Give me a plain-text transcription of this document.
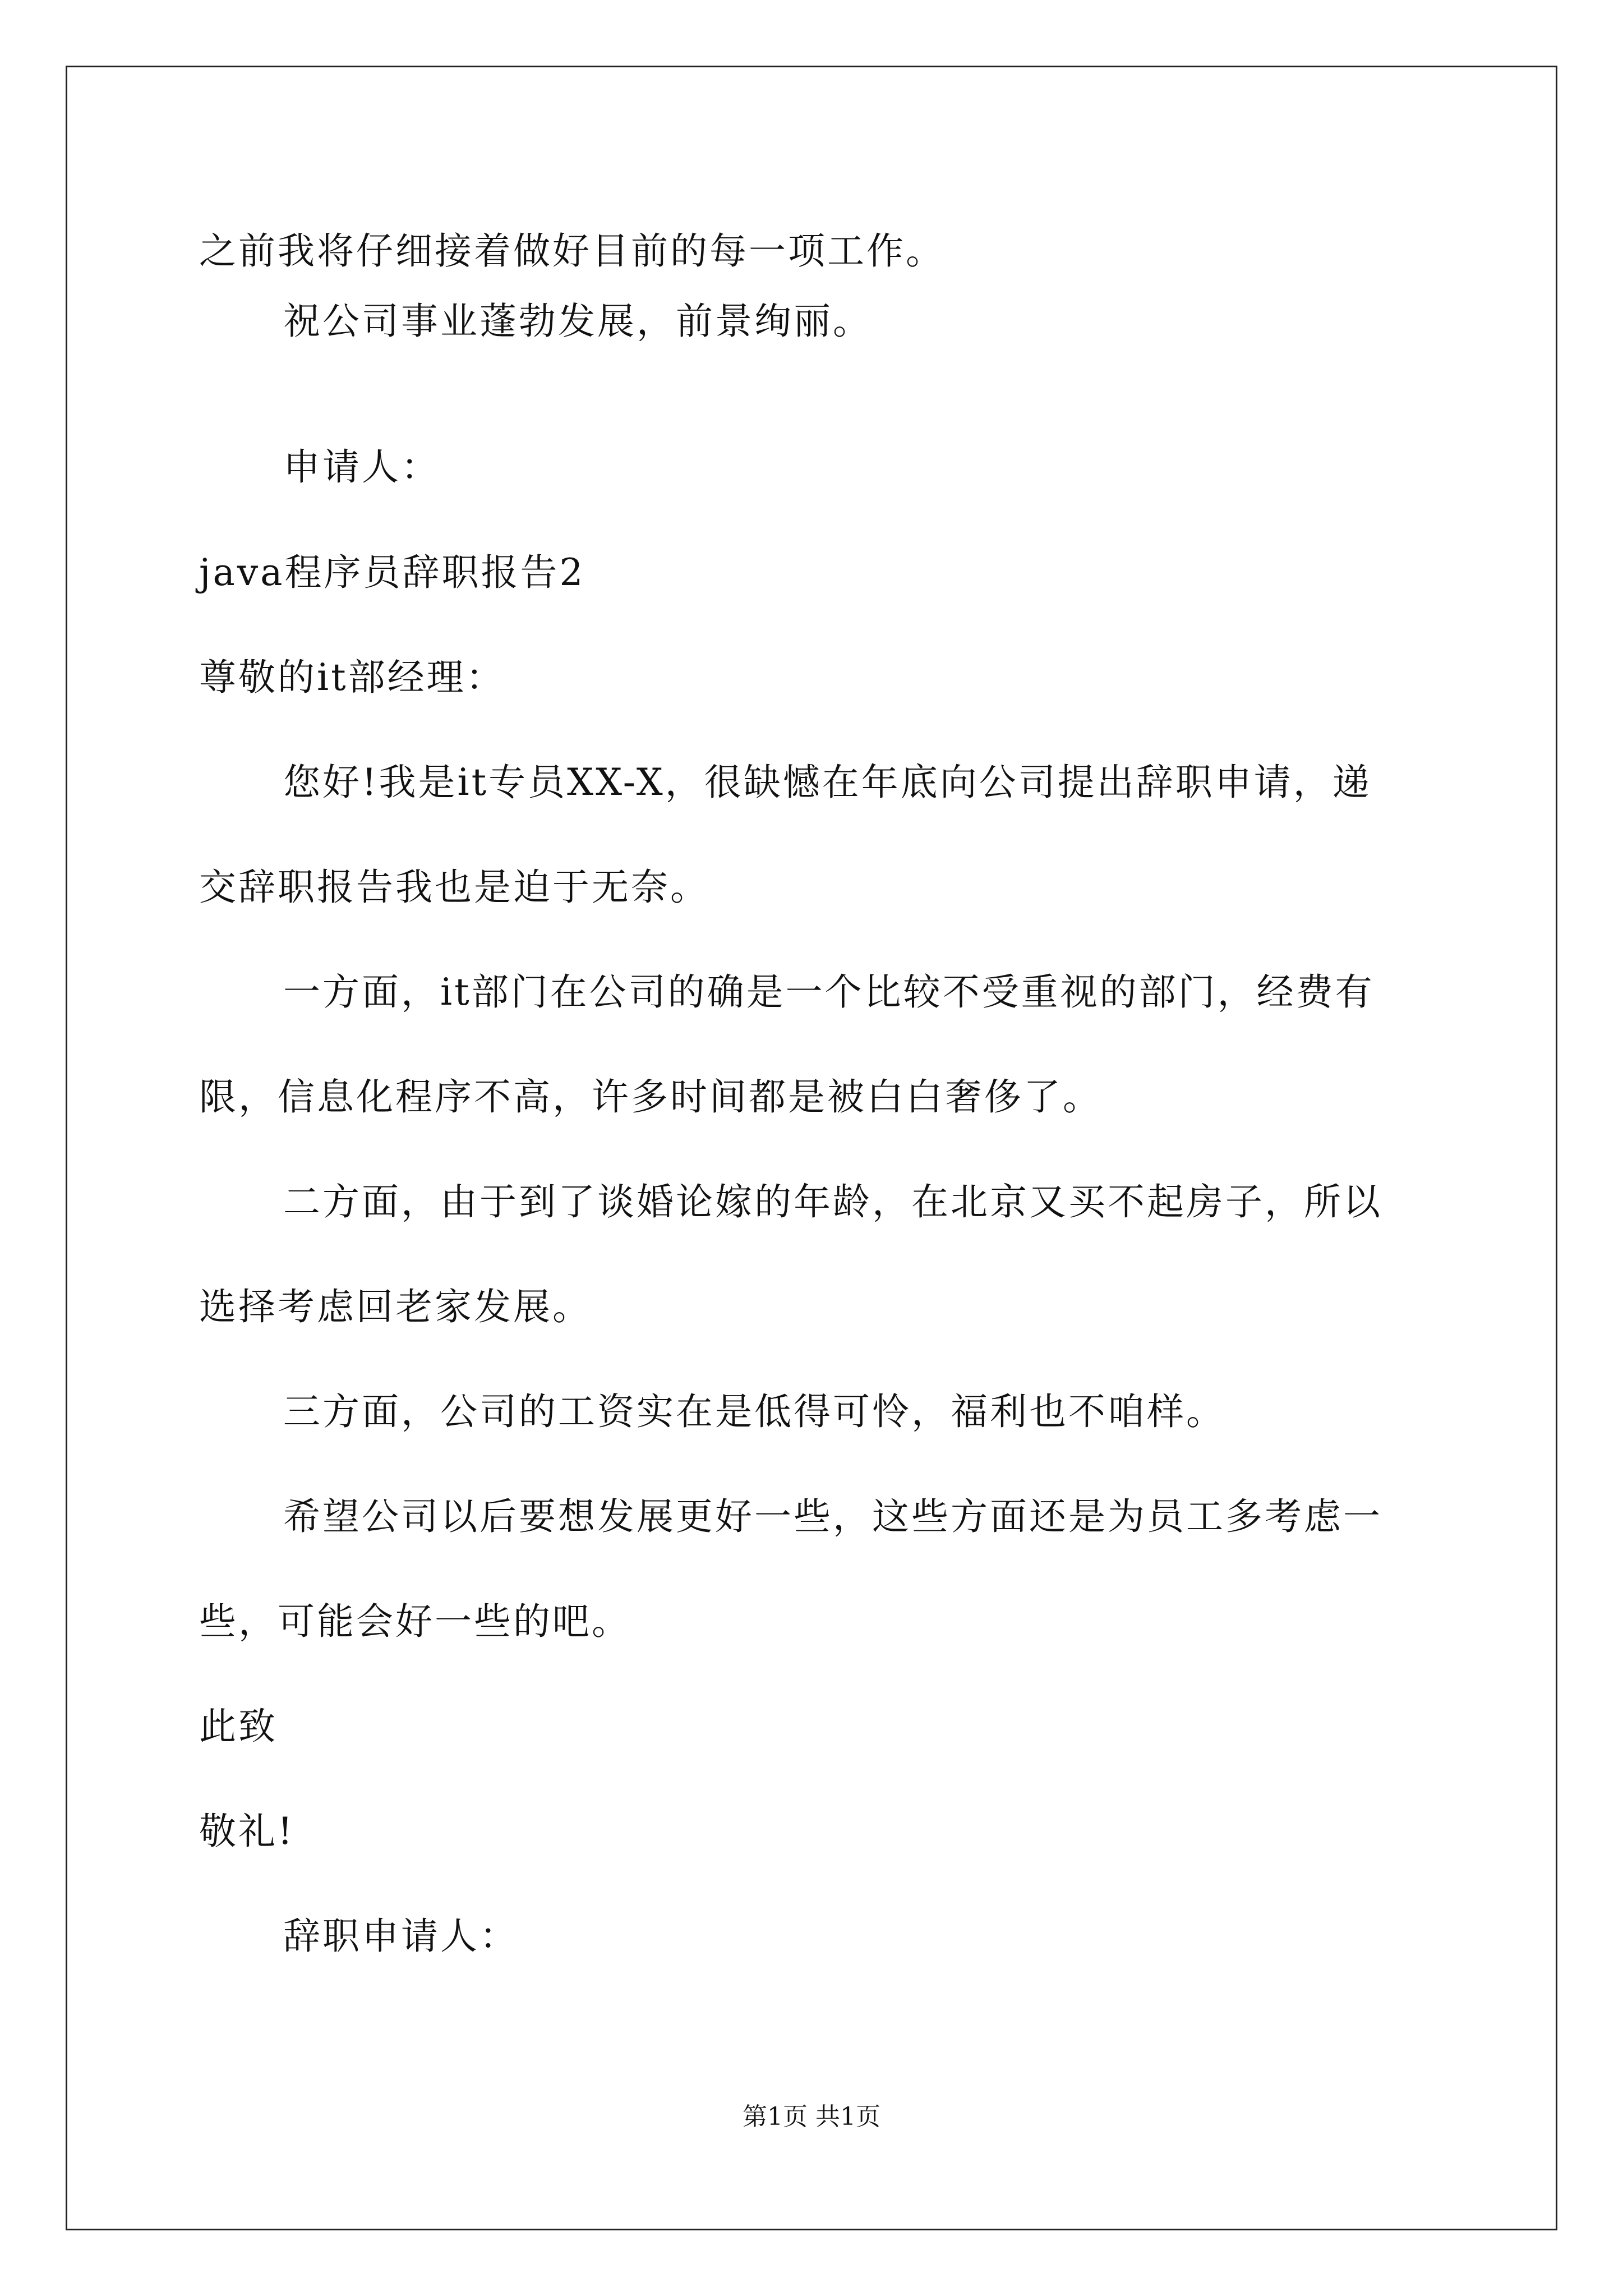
之前我将仔细接着做好目前的每一项工作。
祝公司事业蓬勃发展，前景绚丽。
申请人：
java程序员辞职报告2
尊敬的it部经理：
您好!我是it专员XX-X，很缺憾在年底向公司提出辞职申请，递
交辞职报告我也是迫于无奈。
一方面，it部门在公司的确是一个比较不受重视的部门，经费有
限，信息化程序不高，许多时间都是被白白奢侈了。
二方面，由于到了谈婚论嫁的年龄，在北京又买不起房子，所以
选择考虑回老家发展。
三方面，公司的工资实在是低得可怜，福利也不咱样。
希望公司以后要想发展更好一些，这些方面还是为员工多考虑一
些，可能会好一些的吧。
此致
敬礼!
辞职申请人：
第1页 共1页
